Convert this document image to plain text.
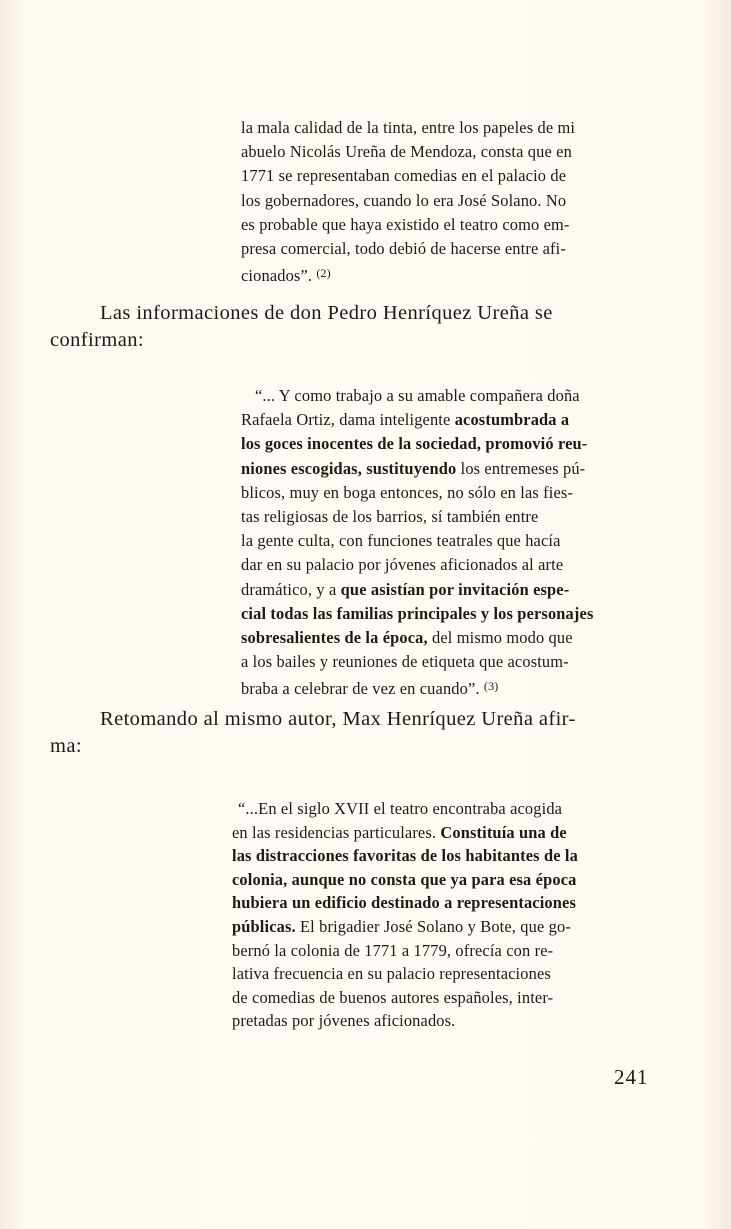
la mala calidad de la tinta, entre los papeles de mi
abuelo Nicolás Ureña de Mendoza, consta que en
1771 se representaban comedias en el palacio de
los gobernadores, cuando lo era José Solano. No
es probable que haya existido el teatro como em-
presa comercial, todo debió de hacerse entre afi-
cionados”. $^{(2)}$
Las informaciones de don Pedro Henríquez Ureña se
confirman:
“... Y como trabajo a su amable compañera doña
Rafaela Ortiz, dama inteligente acostumbrada a
los goces inocentes de la sociedad, promovió reu-
niones escogidas, sustituyendo los entremeses pú-
blicos, muy en boga entonces, no sólo en las fies-
tas religiosas de los barrios, sí también entre
la gente culta, con funciones teatrales que hacía
dar en su palacio por jóvenes aficionados al arte
dramático, y a que asistían por invitación espe-
cial todas las familias principales y los personajes
sobresalientes de la época, del mismo modo que
a los bailes y reuniones de etiqueta que acostum-
braba a celebrar de vez en cuando”. $^{(3)}$
Retomando al mismo autor, Max Henríquez Ureña afir-
ma:
“...En el siglo XVII el teatro encontraba acogida
en las residencias particulares. Constituía una de
las distracciones favoritas de los habitantes de la
colonia, aunque no consta que ya para esa época
hubiera un edificio destinado a representaciones
públicas. El brigadier José Solano y Bote, que go-
bernó la colonia de 1771 a 1779, ofrecía con re-
lativa frecuencia en su palacio representaciones
de comedias de buenos autores españoles, inter-
pretadas por jóvenes aficionados.
241
